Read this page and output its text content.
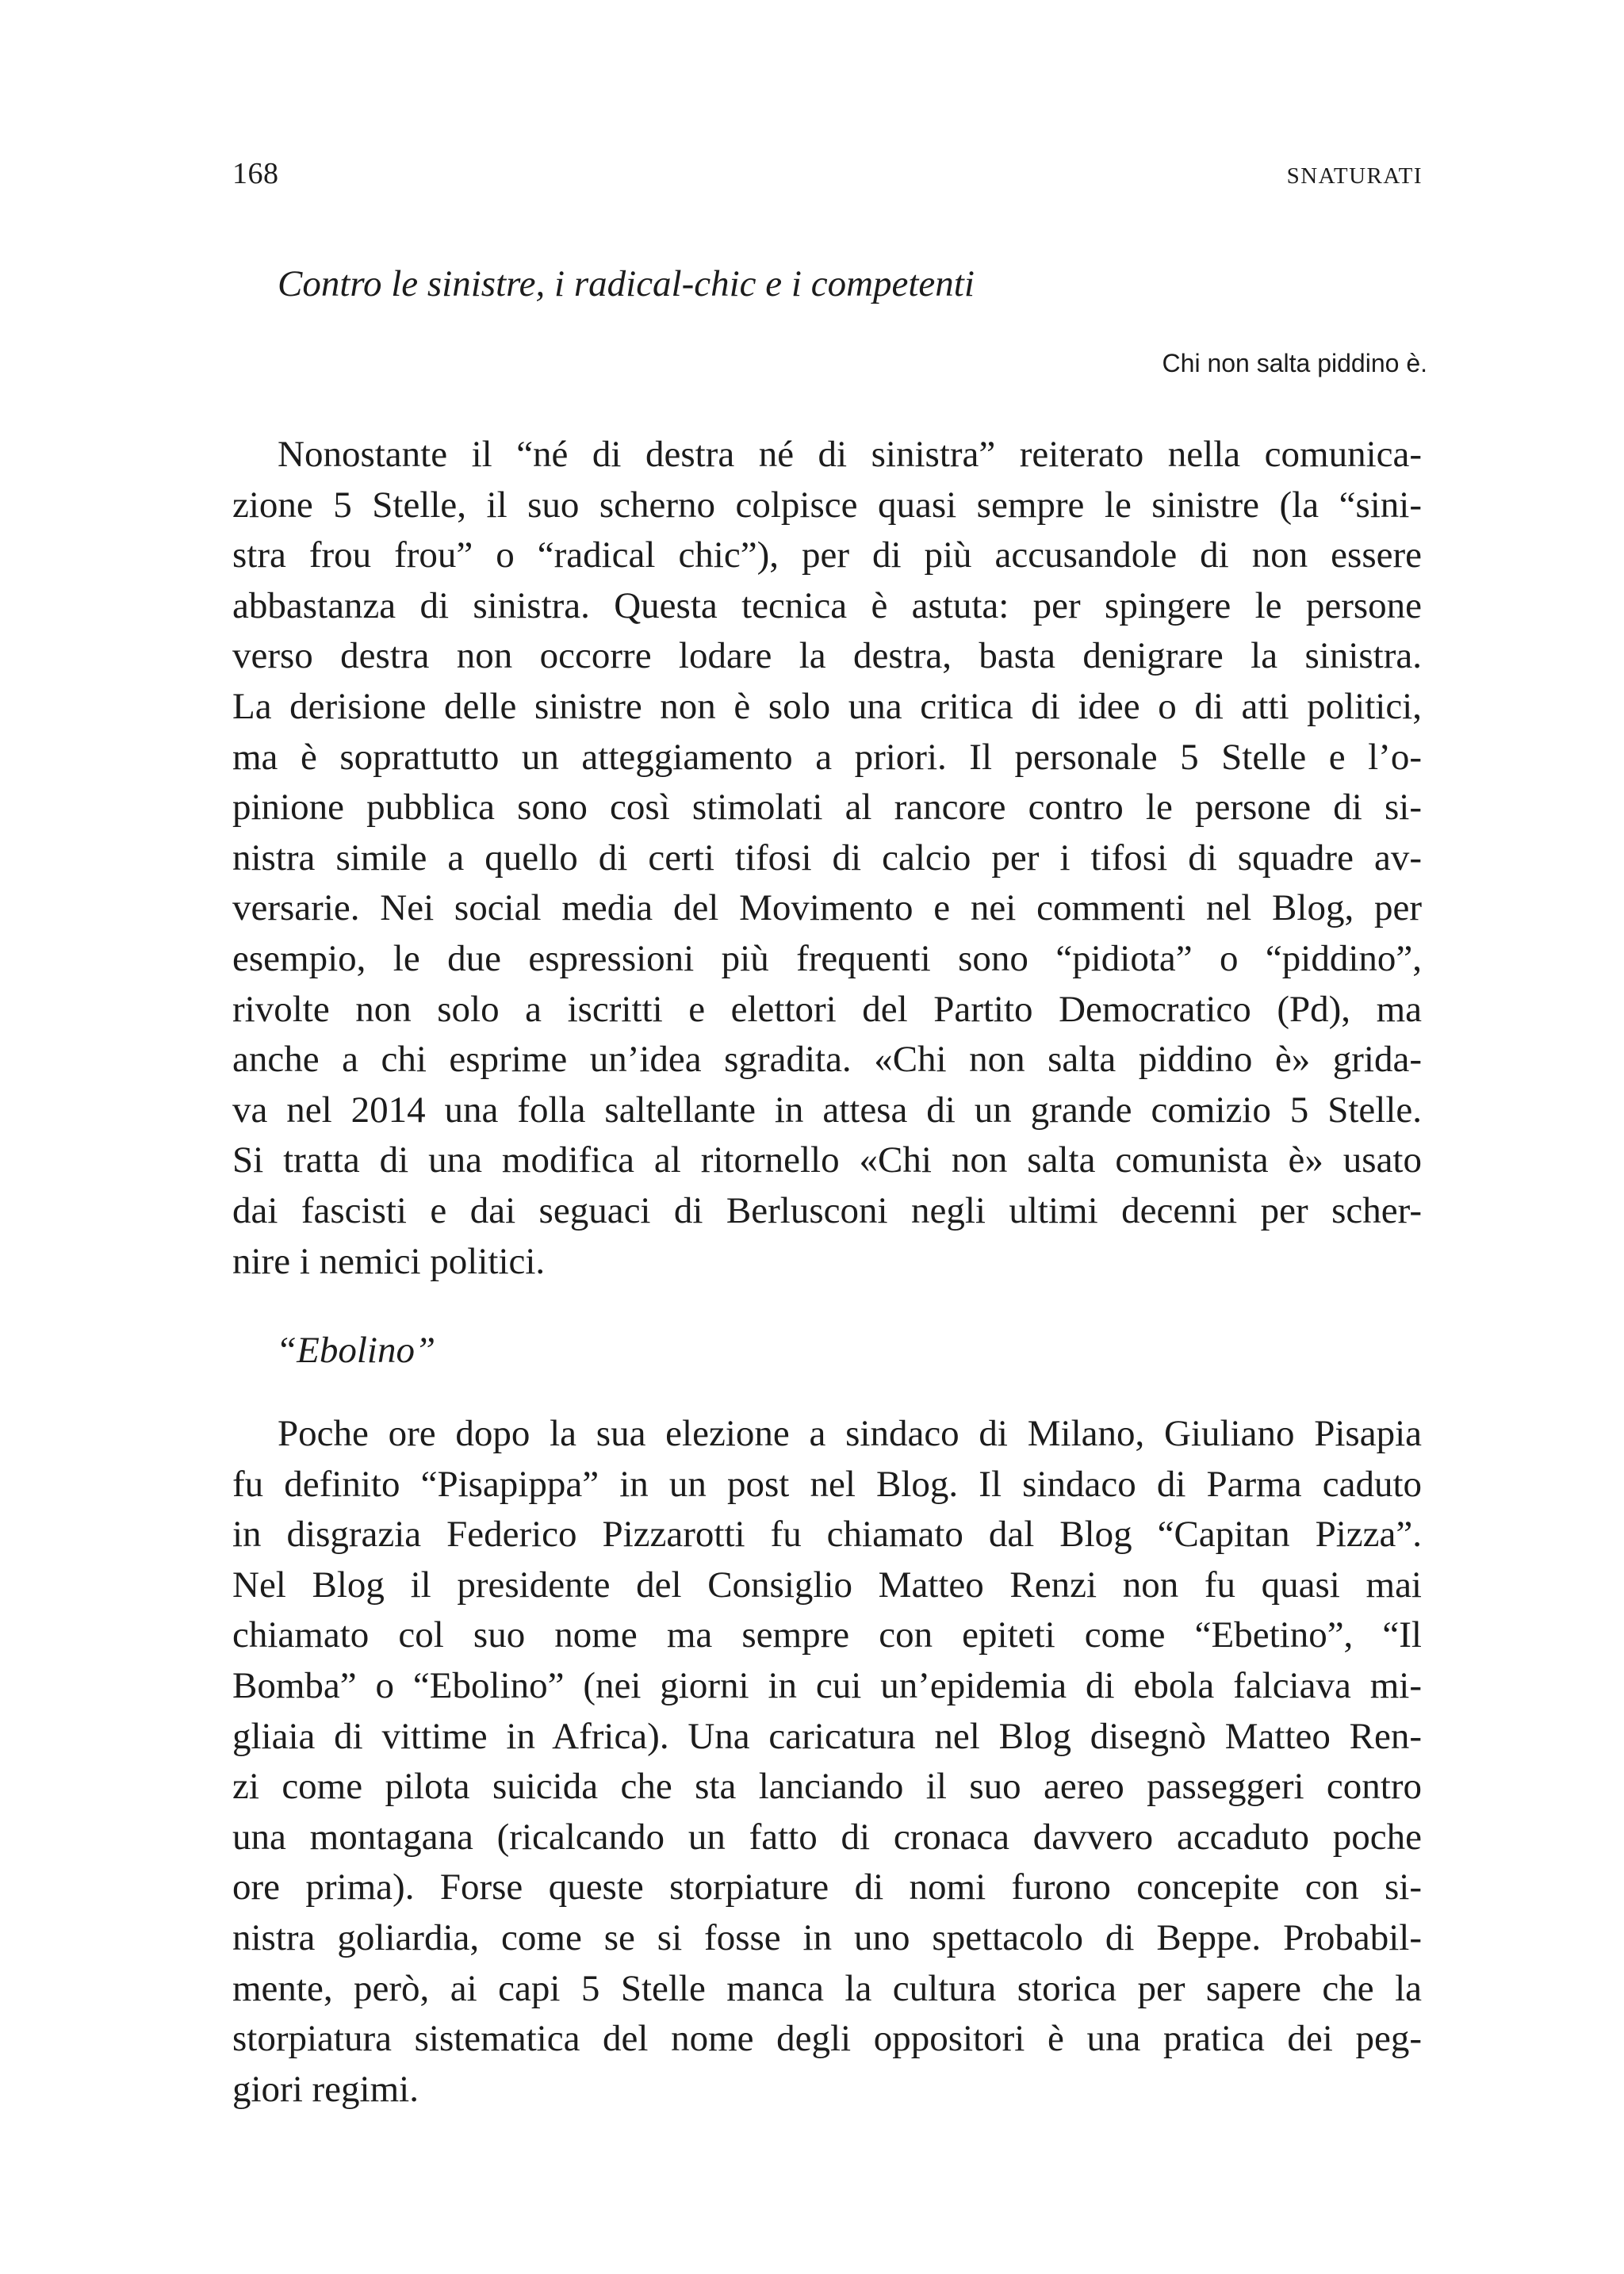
168	SNATURATI
Contro le sinistre, i radical-chic e i competenti
Chi non salta piddino è.
Nonostante il “né di destra né di sinistra” reiterato nella comunica-
zione 5 Stelle, il suo scherno colpisce quasi sempre le sinistre (la “sini-
stra frou frou” o “radical chic”), per di più accusandole di non essere
abbastanza di sinistra. Questa tecnica è astuta: per spingere le persone
verso destra non occorre lodare la destra, basta denigrare la sinistra.
La derisione delle sinistre non è solo una critica di idee o di atti politici,
ma è soprattutto un atteggiamento a priori. Il personale 5 Stelle e l’o-
pinione pubblica sono così stimolati al rancore contro le persone di si-
nistra simile a quello di certi tifosi di calcio per i tifosi di squadre av-
versarie. Nei social media del Movimento e nei commenti nel Blog, per
esempio, le due espressioni più frequenti sono “pidiota” o “piddino”,
rivolte non solo a iscritti e elettori del Partito Democratico (Pd), ma
anche a chi esprime un’idea sgradita. «Chi non salta piddino è» grida-
va nel 2014 una folla saltellante in attesa di un grande comizio 5 Stelle.
Si tratta di una modifica al ritornello «Chi non salta comunista è» usato
dai fascisti e dai seguaci di Berlusconi negli ultimi decenni per scher-
nire i nemici politici.
“Ebolino”
Poche ore dopo la sua elezione a sindaco di Milano, Giuliano Pisapia
fu definito “Pisapippa” in un post nel Blog. Il sindaco di Parma caduto
in disgrazia Federico Pizzarotti fu chiamato dal Blog “Capitan Pizza”.
Nel Blog il presidente del Consiglio Matteo Renzi non fu quasi mai
chiamato col suo nome ma sempre con epiteti come “Ebetino”, “Il
Bomba” o “Ebolino” (nei giorni in cui un’epidemia di ebola falciava mi-
gliaia di vittime in Africa). Una caricatura nel Blog disegnò Matteo Ren-
zi come pilota suicida che sta lanciando il suo aereo passeggeri contro
una montagana (ricalcando un fatto di cronaca davvero accaduto poche
ore prima). Forse queste storpiature di nomi furono concepite con si-
nistra goliardia, come se si fosse in uno spettacolo di Beppe. Probabil-
mente, però, ai capi 5 Stelle manca la cultura storica per sapere che la
storpiatura sistematica del nome degli oppositori è una pratica dei peg-
giori regimi.
